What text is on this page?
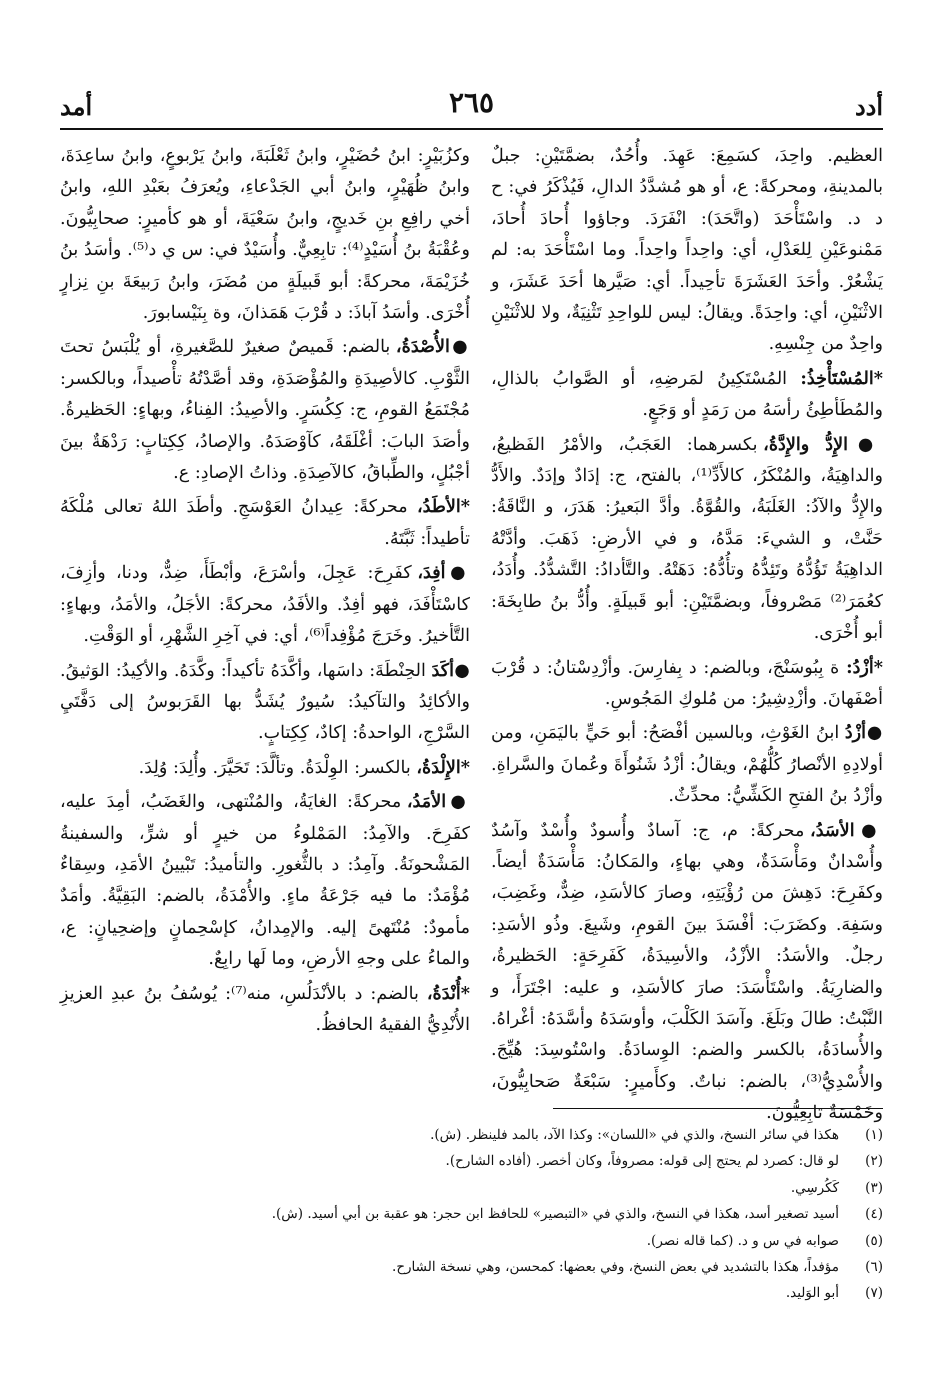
أدد
٢٦٥
أمد

العظيم. واحِدَ، كسَمِعَ: عَهِدَ. وأُحُدٌ، بضمَّتَيْنِ: جبلٌ بالمدينةِ، ومحركةً: ع، أو هو مُشدَّدُ الدالِ، فَيُذْكَرُ في: ح د د. واسْتَأْحَدَ (واتَّحَدَ): انْفَرَدَ. وجاؤوا أُحادَ أُحادَ، مَمْنوعَيْنِ لِلعَدْلِ، أي: واحِداً واحِداً. وما اسْتَأْحَدَ به: لم يَشْعُرْ. وأحَدَ العَشَرَةَ تأحِيداً. أي: صَيَّرها أحَدَ عَشَرَ، و الاثْنَيْنِ، أي: واحِدَةً. ويقالُ: ليس للواحِدِ تَثْنِيَةٌ، ولا للاثْنَيْنِ واحِدٌ من جِنْسِهِ.

*المُسْتَأْخِذُ: المُسْتَكِينُ لمَرضِهِ، أو الصَّوابُ بالذالِ، والمُطَأطِئُ رأسَهُ من رَمَدٍ أو وَجَعٍ.

●الإِدُّ والإِدَّةُ، بكسرهما: العَجَبُ، والأمْرُ الفَظيعُ، والداهِيَةُ، والمُنْكَرُ، كالأَدِّ⁽¹⁾، بالفتح، ج: إدَادٌ وإدَدٌ. والأَدُّ والإِدُّ والآدُ: الغَلَبَةُ، والقُوَّةُ. وأدَّ البَعيرُ: هَدَرَ، و النَّاقَةُ: حَنَّتْ، و الشيءَ: مَدَّهُ، و في الأرضِ: ذَهَبَ. وأدَّتْهُ الداهِيَةُ تَؤُدُّهُ وتَئِدُّهُ وتأُدُّهُ: دَهَتْهُ. والتَّأدادُ: التَّشدُّدُ. وأُدَدُ، كعُمَرَ⁽²⁾ مَصْروفاً، وبضمَّتَيْنِ: أبو قَبيلَةٍ. وأُدُّ بنُ طابِخَةَ: أبو أُخْرَى.

*أزْدُ: ة بِبُوسَنْجَ، وبالضم: د بِفارِسَ. وأزْدِسْتانُ: د قُرْبَ أصْفَهانَ. وأزْدِشِيرُ: من مُلوكِ المَجُوسِ.

●أزْدُ ابنُ الغَوْثِ، وبالسين أفْصَحُ: أبو حَيٍّ باليَمَنِ، ومن أولادِهِ الأنْصارُ كُلُّهُمْ، ويقالُ: أزْدُ شَنُوأَةَ وعُمانَ والسَّراةِ. وأزْدُ بنُ الفتحِ الكَشِّيُّ: محدِّثٌ.

●الأسَدُ، محركةً: م، ج: آسادٌ وأُسودٌ وأُسْدٌ وآسُدٌ وأُسْدانٌ ومَأْسَدَةٌ، وهي بهاءٍ، والمَكانُ: مَأْسَدَةٌ أيضاً. وكفَرِحَ: دَهِشَ من رُؤْيَتِهِ، وصارَ كالأسَدِ، ضِدٌّ، وغَضِبَ، وسَفِهَ. وكضَرَبَ: أفْسَدَ بينَ القومِ، وشَبِعَ. وذُو الأسَدِ: رجلٌ. والأسَدُ: الأزْدُ، والأسِيدَةُ، كَفَرِحَةٍ: الحَظيرةُ، والضارِيَةُ. واسْتَأْسَدَ: صارَ كالأسَدِ، و عليه: اجْتَرَأَ، و النَّبْتُ: طالَ وبَلَغَ. وآسَدَ الكَلْبَ، وأوسَدَهُ وأسَّدَهُ: أغْراهُ. والأُسادَةُ، بالكسر والضم: الوِسادَةُ. واسْتُوسِدَ: هُيِّجَ. والأُسْدِيُّ⁽³⁾، بالضم: نباتٌ. وكأَميرٍ: سَبْعَةٌ صَحابِيُّونَ، وخَمْسَةٌ تابِعِيُّونَ.

وكزُبَيْرٍ: ابنُ حُضَيْرٍ، وابنُ ثَعْلَبَةَ، وابنُ يَرْبوعٍ، وابنُ ساعِدَةَ، وابنُ ظُهَيْرٍ، وابنُ أبي الجَدْعاءِ، ويُعرَفُ بعَبْدِ اللهِ، وابنُ أخي رافِعِ بنِ خَديجٍ، وابنُ سَعْيَةَ، أو هو كأميرٍ: صحابِيُّونَ. وعُقْبَةُ بنُ أُسَيْدٍ⁽⁴⁾: تابِعِيٌّ. وأُسَيْدٌ في: س ي د⁽⁵⁾. وأسَدُ بنُ خُزَيْمَةَ، محركةً: أبو قَبيلَةٍ من مُضَرَ، وابنُ رَبيعَةَ بنِ نِزارٍ أُخْرَى. وأسَدُ آباذَ: د قُرْبَ هَمَذانَ، وة بِنَيْسابورَ.

●الأُصْدَةُ، بالضم: قَميصٌ صغيرٌ للصَّغيرةِ، أو يُلْبَسُ تحتَ الثَّوْبِ. كالأصِيدَةِ والمُؤْصَدَةِ، وقد أصَّدْتُهُ تأْصيداً، وبالكسر: مُجْتَمَعُ القومِ، ج: كِكُسَرٍ. والأصِيدُ: الفِناءُ، وبهاءٍ: الحَظيرةُ. وأصَدَ البابَ: أغْلَقَهُ، كآوْصَدَهُ. والإصادُ، كِكِتابٍ: رَدْهَةٌ بينَ أجْبُلٍ، والطِّباقُ، كالآصِدَةِ. وذاتُ الإصادِ: ع.

*الأطَدُ، محركةً: عِيدانُ العَوْسَجِ. وأطَدَ اللهُ تعالى مُلْكَهُ تأطيداً: ثَبَّتَهُ.

●أفِدَ، كفَرِحَ: عَجِلَ، وأسْرَعَ، وأبْطَأَ، ضِدٌّ، ودنا، وأزِفَ، كاسْتَأْفَدَ، فهو أفِدٌ. والأفَدُ، محركةً: الأجَلُ، والأمَدُ، وبهاءٍ: التَّأخيرُ. وخَرَجَ مُؤْفِداً⁽⁶⁾، أي: في آخِرِ الشَّهْرِ، أو الوَقْتِ.

●أكَدَ الحِنْطَةَ: داسَها، وأكَّدَهُ تأكيداً: وكَّدَهُ. والأكِيدُ: الوَثيقُ. والأكائِدُ والتآكيدُ: سُيورٌ يُشَدُّ بها القَرَبوسُ إلى دَفَّتَيِ السَّرْجِ، الواحدةُ: إكادٌ، كِكِتابٍ.

*الإِلْدَةُ، بالكسر: الوِلْدَةُ. وتألَّدَ: تَحَيَّرَ. وأُلِدَ: وُلِدَ.

●الأمَدُ، محركةً: الغايَةُ، والمُنْتهى، والغَضَبُ، أمِدَ عليه، كفَرِحَ. والآمِدُ: المَمْلوءُ من خيرٍ أو شرٍّ، والسفينةُ المَشْحونَةُ. وآمِدُ: د بالثُّغورِ. والتأميدُ: تَبْيينُ الأمَدِ، وسِقاءٌ مُؤْمَدٌ: ما فيه جَرْعَةُ ماءٍ. والأُمْدَةُ، بالضم: البَقِيَّةُ. وأمَدٌ مأمودٌ: مُنْتَهىً إليه. والإمِدانُ، كإسْحِمانٍ وإضحِيانٍ: ع، والماءُ على وجهِ الأرضِ، وما لَها رابِعٌ.

*أُنْدَةُ، بالضم: د بالأنْدَلُسِ، منه⁽⁷⁾: يُوسُفُ بنُ عبدِ العزيزِ الأُنْدِيُّ الفقيهُ الحافظُ.

(١)هكذا في سائر النسخ، والذي في «اللسان»: وكذا الآد، بالمد فلينظر. (ش).
(٢)لو قال: كصرد لم يحتج إلى قوله: مصروفاً، وكان أخصر. (أفاده الشارح).
(٣)كَكُرسِي.
(٤)أسيد تصغير أسد، هكذا في النسخ، والذي في «التبصير» للحافظ ابن حجر: هو عقبة بن أبي أسيد. (ش).
(٥)صوابه في س و د. (كما قاله نصر).
(٦)مؤفداً، هكذا بالتشديد في بعض النسخ، وفي بعضها: كمحسن، وهي نسخة الشارح.
(٧)أبو الوَليد.
